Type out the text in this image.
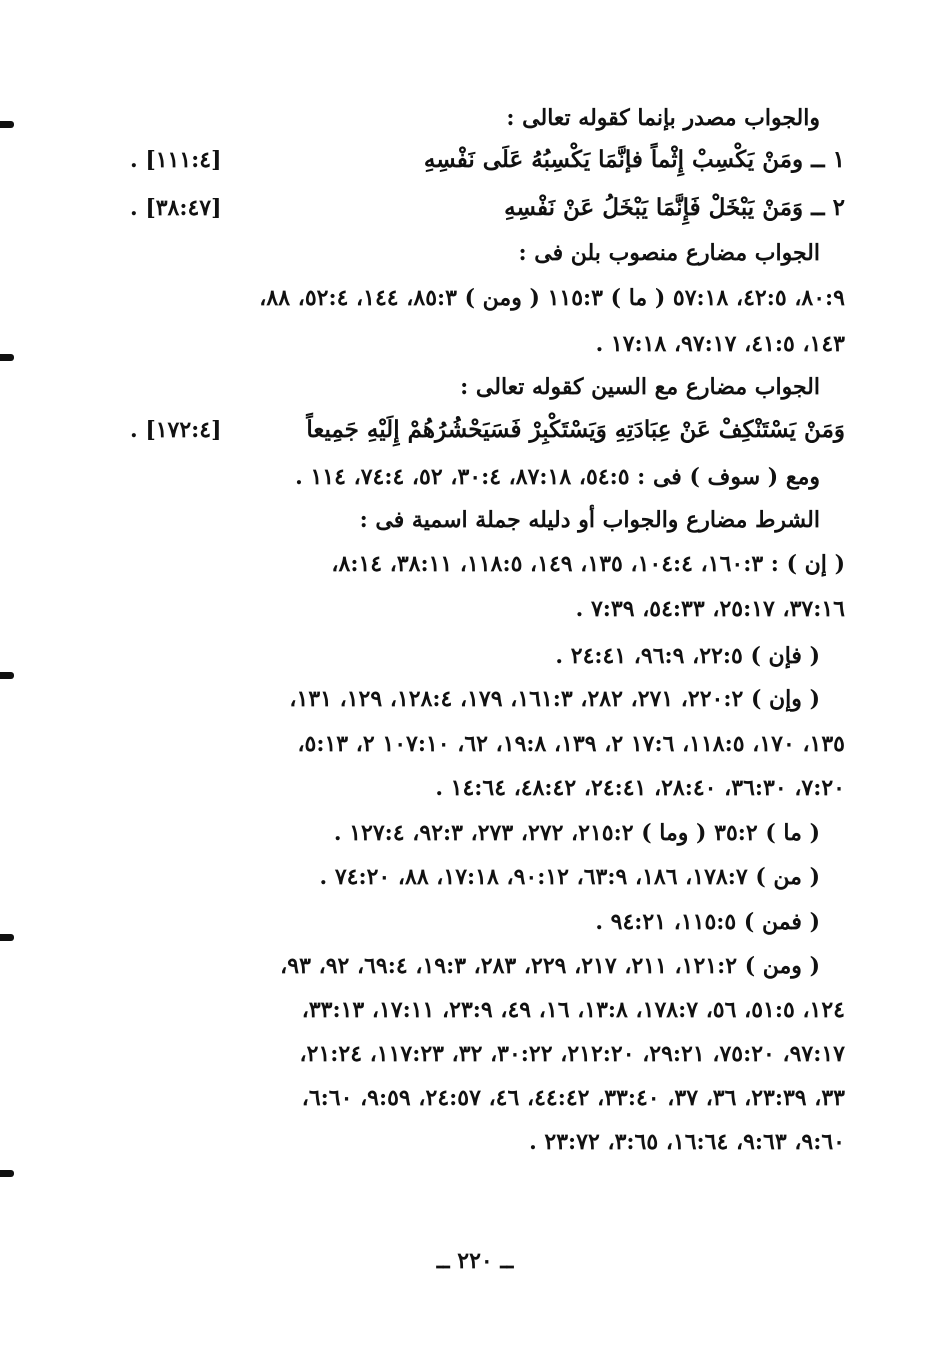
والجواب مصدر بإنما كقوله تعالى :
١ ــ ومَنْ يَكْسِبْ إِثْماً فإنَّمَا يَكْسِبُهُ عَلَى نَفْسِهِ
[١١١:٤] .
٢ ــ وَمَنْ يَبْخَلْ فَإِنَّمَا يَبْخَلُ عَنْ نَفْسِهِ
[٣٨:٤٧] .
الجواب مضارع منصوب بلن فى :
٨٠:٩، ٤٢:٥، ٥٧:١٨ ( ما ) ١١٥:٣ ( ومن ) ٨٥:٣، ١٤٤، ٥٢:٤، ٨٨،
١٤٣، ٤١:٥، ٩٧:١٧، ١٧:١٨ .
الجواب مضارع مع السين كقوله تعالى :
وَمَنْ يَسْتَنْكِفْ عَنْ عِبَادَتِهِ وَيَسْتَكْبِرْ فَسَيَحْشُرُهُمْ إِلَيْهِ جَمِيعاً
[١٧٢:٤] .
ومع ( سوف ) فى : ٥٤:٥، ٨٧:١٨، ٣٠:٤، ٥٢، ٧٤:٤، ١١٤ .
الشرط مضارع والجواب أو دليله جملة اسمية فى :
( إن ) : ١٦٠:٣، ١٠٤:٤، ١٣٥، ١٤٩، ١١٨:٥، ٣٨:١١، ٨:١٤،
٣٧:١٦، ٢٥:١٧، ٥٤:٣٣، ٧:٣٩ .
( فإن ) ٢٢:٥، ٩٦:٩، ٢٤:٤١ .
( وإن ) ٢٢٠:٢، ٢٧١، ٢٨٢، ١٦١:٣، ١٧٩، ١٢٨:٤، ١٢٩، ١٣١،
١٣٥، ١٧٠، ١١٨:٥، ١٧:٦ ٢، ١٣٩، ١٩:٨، ٦٢، ١٠٧:١٠ ٢، ٥:١٣،
٧:٢٠، ٣٦:٣٠، ٢٨:٤٠، ٢٤:٤١، ٤٨:٤٢، ١٤:٦٤ .
( ما ) ٣٥:٢ ( وما ) ٢١٥:٢، ٢٧٢، ٢٧٣، ٩٢:٣، ١٢٧:٤ .
( من ) ١٧٨:٧، ١٨٦، ٦٣:٩، ٩٠:١٢، ١٧:١٨، ٨٨، ٧٤:٢٠ .
( فمن ) ١١٥:٥، ٩٤:٢١ .
( ومن ) ١٢١:٢، ٢١١، ٢١٧، ٢٢٩، ٢٨٣، ١٩:٣، ٦٩:٤، ٩٢، ٩٣،
١٢٤، ٥١:٥، ٥٦، ١٧٨:٧، ١٣:٨، ١٦، ٤٩، ٢٣:٩، ١٧:١١، ٣٣:١٣،
٩٧:١٧، ٧٥:٢٠، ٢٩:٢١، ٢١٢:٢٠، ٣٠:٢٢، ٣٢، ١١٧:٢٣، ٢١:٢٤،
٣٣، ٢٣:٣٩، ٣٦، ٣٧، ٣٣:٤٠، ٤٤:٤٢، ٤٦، ٢٤:٥٧، ٩:٥٩، ٦:٦٠،
٩:٦٠، ٩:٦٣، ١٦:٦٤، ٣:٦٥، ٢٣:٧٢ .
ــ ٢٢٠ ــ
